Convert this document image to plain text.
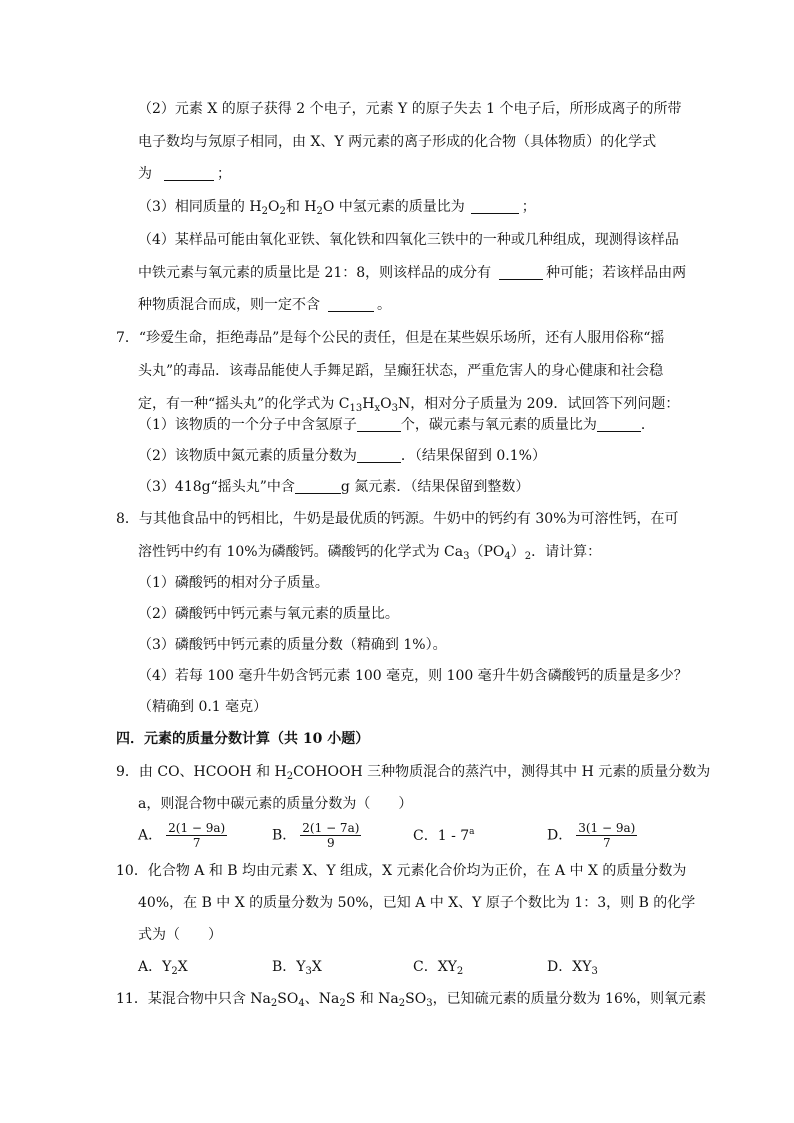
（2）元素 X 的原子获得 2 个电子，元素 Y 的原子失去 1 个电子后，所形成离子的所带
电子数均与氖原子相同，由 X、Y 两元素的离子形成的化合物（具体物质）的化学式
为	；
（3）相同质量的 $H_2O_2$和 $H_2O$ 中氢元素的质量比为	；
（4）某样品可能由氧化亚铁、氧化铁和四氧化三铁中的一种或几种组成，现测得该样品
中铁元素与氧元素的质量比是 21：8，则该样品的成分有	种可能；若该样品由两
种物质混合而成，则一定不含	。
7．“珍爱生命，拒绝毒品”是每个公民的责任，但是在某些娱乐场所，还有人服用俗称“摇
头丸”的毒品．该毒品能使人手舞足蹈，呈癫狂状态，严重危害人的身心健康和社会稳
定，有一种“摇头丸”的化学式为 $C_{13}H_xO_3N$，相对分子质量为 209．试回答下列问题：
（1）该物质的一个分子中含氢原子	个，碳元素与氧元素的质量比为	．
（2）该物质中氮元素的质量分数为	．（结果保留到 0.1%）
（3）418g“摇头丸”中含	g 氮元素．（结果保留到整数）
8．与其他食品中的钙相比，牛奶是最优质的钙源。牛奶中的钙约有 30%为可溶性钙，在可
溶性钙中约有 10%为磷酸钙。磷酸钙的化学式为 $Ca_3(PO_4)_2$．请计算：
（1）磷酸钙的相对分子质量。
（2）磷酸钙中钙元素与氧元素的质量比。
（3）磷酸钙中钙元素的质量分数（精确到 1%）。
（4）若每 100 毫升牛奶含钙元素 100 毫克，则 100 毫升牛奶含磷酸钙的质量是多少？
（精确到 0.1 毫克）
四．元素的质量分数计算（共 10 小题）
9．由 CO、HCOOH 和 $H_2COHOOH$ 三种物质混合的蒸汽中，测得其中 H 元素的质量分数为
a，则混合物中碳元素的质量分数为（　　）
A． $\frac{2(1 - 9a)}{7}$	B． $\frac{2(1 - 7a)}{9}$	C．1 - 7$^a$	D． $\frac{3(1 - 9a)}{7}$
10．化合物 A 和 B 均由元素 X、Y 组成，X 元素化合价均为正价，在 A 中 X 的质量分数为
40%，在 B 中 X 的质量分数为 50%，已知 A 中 X、Y 原子个数比为 1：3，则 B 的化学
式为（　　）
A．$Y_2X$	B．$Y_3X$	C．$XY_2$	D．$XY_3$
11．某混合物中只含 $Na_2SO_4$、$Na_2S$ 和 $Na_2SO_3$，已知硫元素的质量分数为 16%，则氧元素
